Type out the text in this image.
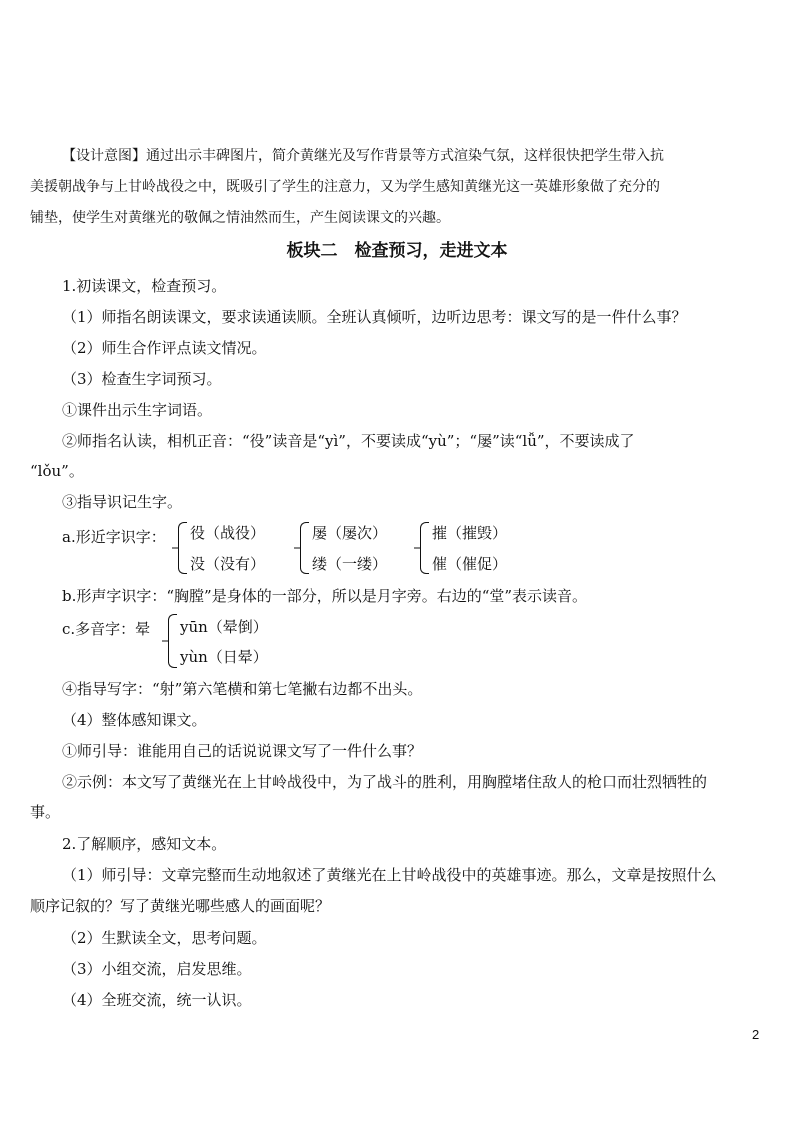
【设计意图】通过出示丰碑图片，简介黄继光及写作背景等方式渲染气氛，这样很快把学生带入抗
美援朝战争与上甘岭战役之中，既吸引了学生的注意力，又为学生感知黄继光这一英雄形象做了充分的
铺垫，使学生对黄继光的敬佩之情油然而生，产生阅读课文的兴趣。
板块二　检查预习，走进文本
1.初读课文，检查预习。
（1）师指名朗读课文，要求读通读顺。全班认真倾听，边听边思考：课文写的是一件什么事？
（2）师生合作评点读文情况。
（3）检查生字词预习。
①课件出示生字词语。
②师指名认读，相机正音：“役”读音是“yì”，不要读成“yù”；“屡”读“lǚ”，不要读成了
“lǒu”。
③指导识记生字。
a.形近字识字： 役（战役）
没（没有）
屡（屡次）
缕（一缕）
摧（摧毁）
催（催促）
b.形声字识字：“胸膛”是身体的一部分，所以是月字旁。右边的“堂”表示读音。
c.多音字：晕 yūn（晕倒）
yùn（日晕）
④指导写字：“射”第六笔横和第七笔撇右边都不出头。
（4）整体感知课文。
①师引导：谁能用自己的话说说课文写了一件什么事？
②示例：本文写了黄继光在上甘岭战役中，为了战斗的胜利，用胸膛堵住敌人的枪口而壮烈牺牲的
事。
2.了解顺序，感知文本。
（1）师引导：文章完整而生动地叙述了黄继光在上甘岭战役中的英雄事迹。那么，文章是按照什么
顺序记叙的？写了黄继光哪些感人的画面呢？
（2）生默读全文，思考问题。
（3）小组交流，启发思维。
（4）全班交流，统一认识。
2
